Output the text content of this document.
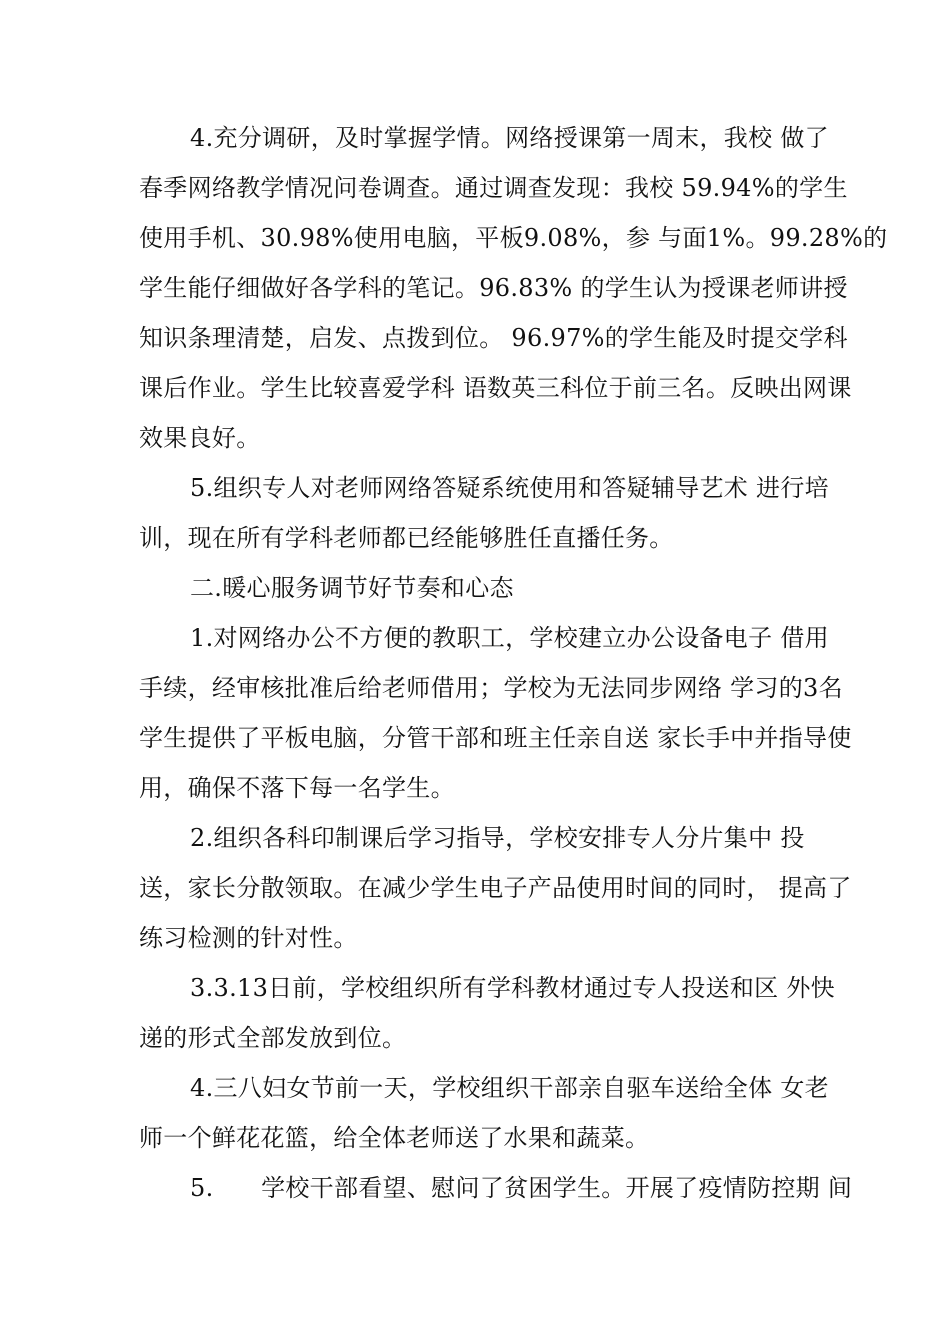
4.充分调研，及时掌握学情。网络授课第一周末，我校 做了
春季网络教学情况问卷调查。通过调查发现：我校 59.94%的学生
使用手机、30.98%使用电脑，平板9.08%，参 与面1%。99.28%的
学生能仔细做好各学科的笔记。96.83% 的学生认为授课老师讲授
知识条理清楚，启发、点拨到位。 96.97%的学生能及时提交学科
课后作业。学生比较喜爱学科 语数英三科位于前三名。反映出网课
效果良好。
5.组织专人对老师网络答疑系统使用和答疑辅导艺术 进行培
训，现在所有学科老师都已经能够胜任直播任务。
二.暖心服务调节好节奏和心态
1.对网络办公不方便的教职工，学校建立办公设备电子 借用
手续，经审核批准后给老师借用；学校为无法同步网络 学习的3名
学生提供了平板电脑，分管干部和班主任亲自送 家长手中并指导使
用，确保不落下每一名学生。
2.组织各科印制课后学习指导，学校安排专人分片集中 投
送，家长分散领取。在减少学生电子产品使用时间的同时， 提高了
练习检测的针对性。
3.3.13日前，学校组织所有学科教材通过专人投送和区 外快
递的形式全部发放到位。
4.三八妇女节前一天，学校组织干部亲自驱车送给全体 女老
师一个鲜花花篮，给全体老师送了水果和蔬菜。
5.      学校干部看望、慰问了贫困学生。开展了疫情防控期 间
